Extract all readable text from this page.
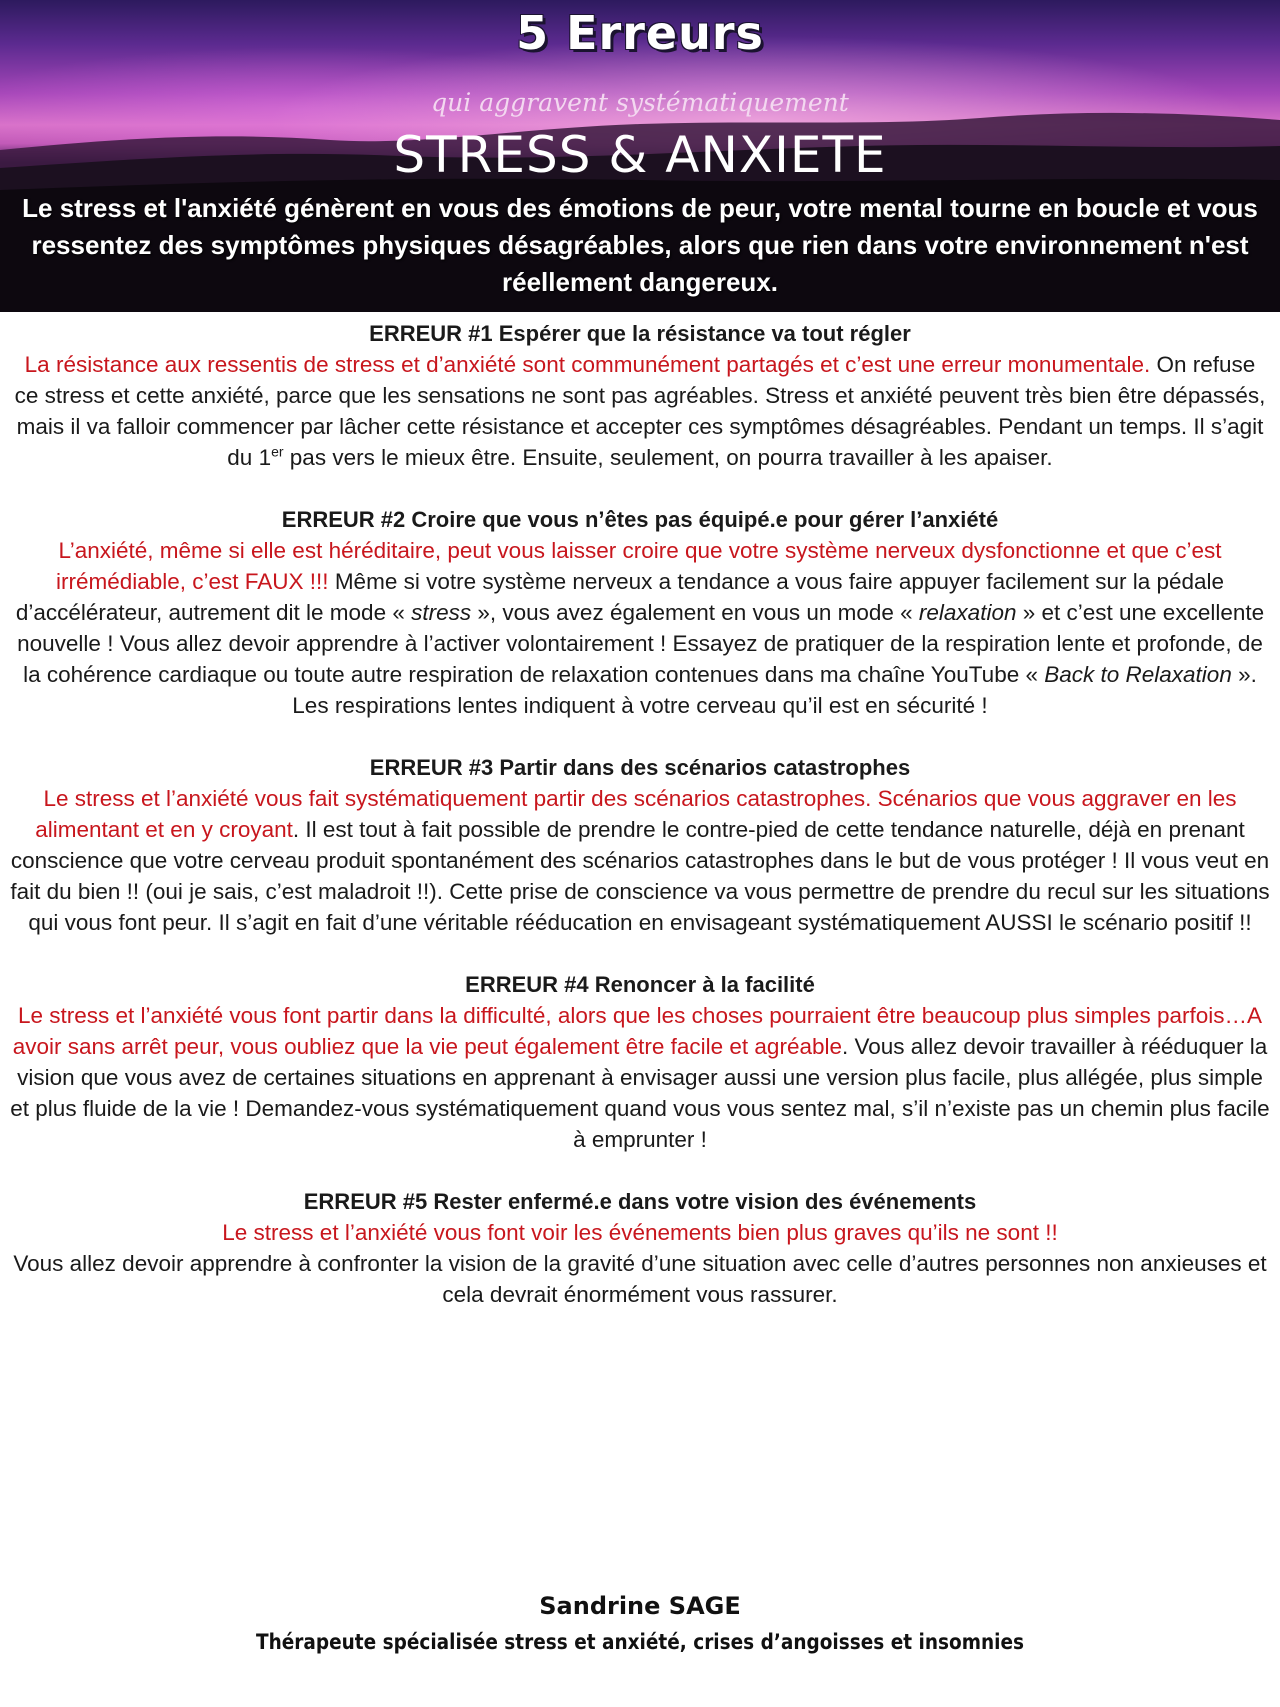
5 Erreurs
qui aggravent systématiquement
STRESS & ANXIETE
Le stress et l'anxiété génèrent en vous des émotions de peur, votre mental tourne en boucle et vous ressentez des symptômes physiques désagréables, alors que rien dans votre environnement n'est réellement dangereux.
ERREUR #1 Espérer que la résistance va tout régler
La résistance aux ressentis de stress et d’anxiété sont communément partagés et c’est une erreur monumentale. On refuse ce stress et cette anxiété, parce que les sensations ne sont pas agréables. Stress et anxiété peuvent très bien être dépassés, mais il va falloir commencer par lâcher cette résistance et accepter ces symptômes désagréables. Pendant un temps. Il s’agit du 1er pas vers le mieux être. Ensuite, seulement, on pourra travailler à les apaiser.
ERREUR #2 Croire que vous n’êtes pas équipé.e pour gérer l’anxiété
L’anxiété, même si elle est héréditaire, peut vous laisser croire que votre système nerveux dysfonctionne et que c’est irrémédiable, c’est FAUX !!! Même si votre système nerveux a tendance a vous faire appuyer facilement sur la pédale d’accélérateur, autrement dit le mode « stress », vous avez également en vous un mode « relaxation » et c’est une excellente nouvelle ! Vous allez devoir apprendre à l’activer volontairement ! Essayez de pratiquer de la respiration lente et profonde, de la cohérence cardiaque ou toute autre respiration de relaxation contenues dans ma chaîne YouTube « Back to Relaxation ». Les respirations lentes indiquent à votre cerveau qu’il est en sécurité !
ERREUR #3 Partir dans des scénarios catastrophes
Le stress et l’anxiété vous fait systématiquement partir des scénarios catastrophes. Scénarios que vous aggraver en les alimentant et en y croyant. Il est tout à fait possible de prendre le contre-pied de cette tendance naturelle, déjà en prenant conscience que votre cerveau produit spontanément des scénarios catastrophes dans le but de vous protéger ! Il vous veut en fait du bien !! (oui je sais, c’est maladroit !!). Cette prise de conscience va vous permettre de prendre du recul sur les situations qui vous font peur. Il s’agit en fait d’une véritable rééducation en envisageant systématiquement AUSSI le scénario positif !!
ERREUR #4 Renoncer à la facilité
Le stress et l’anxiété vous font partir dans la difficulté, alors que les choses pourraient être beaucoup plus simples parfois…A avoir sans arrêt peur, vous oubliez que la vie peut également être facile et agréable. Vous allez devoir travailler à rééduquer la vision que vous avez de certaines situations en apprenant à envisager aussi une version plus facile, plus allégée, plus simple et plus fluide de la vie ! Demandez-vous systématiquement quand vous vous sentez mal, s’il n’existe pas un chemin plus facile à emprunter !
ERREUR #5 Rester enfermé.e dans votre vision des événements
Le stress et l’anxiété vous font voir les événements bien plus graves qu’ils ne sont !!
Vous allez devoir apprendre à confronter la vision de la gravité d’une situation avec celle d’autres personnes non anxieuses et cela devrait énormément vous rassurer.
Sandrine SAGE
Thérapeute spécialisée stress et anxiété, crises d’angoisses et insomnies
